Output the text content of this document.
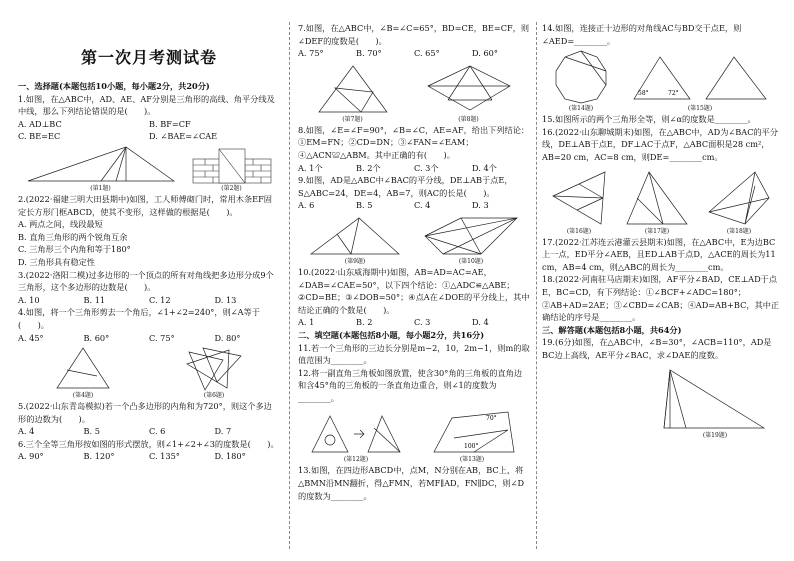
第一次月考测试卷

一、选择题(本题包括10小题，每小题2分，共20分)

1.如图，在△ABC中，AD、AE、AF分别是三角形的高线、角平分线及中线，那么下列结论错误的是(　　)。

A. AD⊥BC	B. BF=CF
C. BE=EC	D. ∠BAE=∠CAE
(第1题)	(第2题)

2.(2022·福建三明大田县期中)如图，工人师傅砌门时，常用木条EF固定长方形门框ABCD，使其不变形，这样做的根据是(　　)。

A. 两点之间，线段最短

B. 直角三角形的两个锐角互余

C. 三角形三个内角和等于180°

D. 三角形具有稳定性

3.(2022·洛阳二模)过多边形的一个顶点的所有对角线把多边形分成9个三角形，这个多边形的边数是(　　)。

A. 10	B. 11	C. 12	D. 13

4.如图，将一个三角形剪去一个角后，∠1+∠2=240°，则∠A等于(　　)。

A. 45°	B. 60°	C. 75°	D. 80°
(第4题)	(第6题)

5.(2022·山东青岛模拟)若一个凸多边形的内角和为720°，则这个多边形的边数为(　　)。

A. 4	B. 5	C. 6	D. 7

6.三个全等三角形按如图的形式摆放，则∠1+∠2+∠3的度数是(　　)。

A. 90°	B. 120°	C. 135°	D. 180°

7.如图，在△ABC中，∠B=∠C=65°，BD=CE，BE=CF，则∠DEF的度数是(　　)。

A. 75°	B. 70°	C. 65°	D. 60°
(第7题)	(第8题)

8.如图，∠E=∠F=90°，∠B=∠C，AE=AF，给出下列结论：①EM=FN；②CD=DN；③∠FAN=∠EAM；④△ACN≌△ABM。其中正确的有(　　)。

A. 1个	B. 2个	C. 3个	D. 4个

9.如图，AD是△ABC中∠BAC的平分线，DE⊥AB于点E，S△ABC=24，DE=4，AB=7，则AC的长是(　　)。

A. 6	B. 5	C. 4	D. 3
(第9题)	(第10题)

10.(2022·山东威海期中)如图，AB=AD=AC=AE，∠DAB=∠CAE=50°，以下四个结论：①△ADC≌△ABE；②CD=BE；③∠DOB=50°；④点A在∠DOE的平分线上，其中结论正确的个数是(　　)。

A. 1	B. 2	C. 3	D. 4

二、填空题(本题包括8小题，每小题2分，共16分)

11.若一个三角形的三边长分别是m−2，10，2m−1，则m的取值范围为________。

12.将一副直角三角板如图放置，使含30°角的三角板的直角边和含45°角的三角板的一条直角边重合，则∠1的度数为________。

(第12题)
70°
100°
(第13题)

13.如图，在四边形ABCD中，点M，N分别在AB，BC上，将△BMN沿MN翻折，得△FMN，若MF∥AD，FN∥DC，则∠D的度数为________。

14.如图，连接正十边形的对角线AC与BD交于点E，则∠AED=________。

(第14题)
58°	72°
(第15题)

15.如图所示的两个三角形全等，则∠α的度数是________。

16.(2022·山东聊城期末)如图，在△ABC中，AD为∠BAC的平分线，DE⊥AB于点E，DF⊥AC于点F，△ABC面积是28 cm²，AB=20 cm，AC=8 cm，则DE=________cm。

(第16题)	(第17题)	(第18题)

17.(2022·江苏连云港灌云县期末)如图，在△ABC中，E为边BC上一点，ED平分∠AEB，且ED⊥AB于点D，△ACE的周长为11 cm，AB=4 cm，则△ABC的周长为________cm。

18.(2022·河南驻马店期末)如图，AF平分∠BAD，CE⊥AD于点E，BC=CD，有下列结论：①∠BCF+∠ADC=180°；②AB+AD=2AE；③∠CBD=∠CAB；④AD=AB+BC，其中正确结论的序号是________。

三、解答题(本题包括8小题，共64分)

19.(6分)如图，在△ABC中，∠B=30°，∠ACB=110°，AD是BC边上高线，AE平分∠BAC，求∠DAE的度数。

(第19题)
